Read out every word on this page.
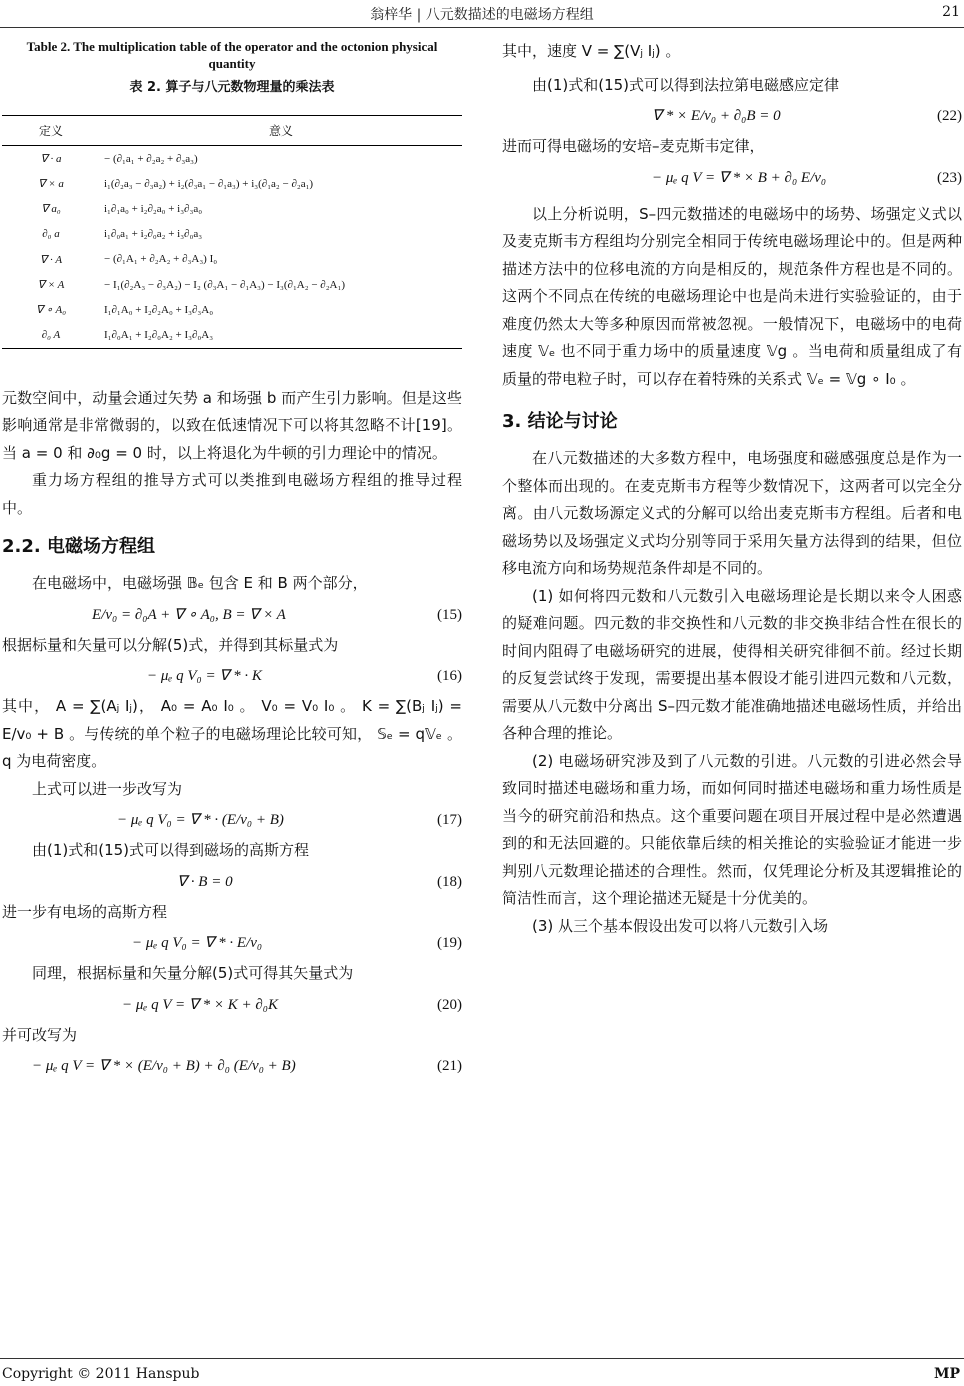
翁梓华 | 八元数描述的电磁场方程组	21
Table 2. The multiplication table of the operator and the octonion physical quantity
表 2. 算子与八元数物理量的乘法表
定义	意义
∇ · a	− (∂₁a₁ + ∂₂a₂ + ∂₃a₃)
∇ × a	i₁(∂₂a₃ − ∂₃a₂) + i₂(∂₃a₁ − ∂₁a₃) + i₃(∂₁a₂ − ∂₂a₁)
∇ a₀	i₁∂₁a₀ + i₂∂₂a₀ + i₃∂₃a₀
∂₀ a	i₁∂₀a₁ + i₂∂₀a₂ + i₃∂₀a₃
∇ · A	− (∂₁A₁ + ∂₂A₂ + ∂₃A₃) I₀
∇ × A	− I₁(∂₂A₃ − ∂₃A₂) − I₂ (∂₃A₁ − ∂₁A₃) − I₃(∂₁A₂ − ∂₂A₁)
∇ ∘ A₀	I₁∂₁A₀ + I₂∂₂A₀ + I₃∂₃A₀
∂₀ A	I₁∂₀A₁ + I₂∂₀A₂ + I₃∂₀A₃

元数空间中，动量会通过矢势 a 和场强 b 而产生引力影响。但是这些影响通常是非常微弱的，以致在低速情况下可以将其忽略不计[19]。当 a = 0 和 ∂₀g = 0 时，以上将退化为牛顿的引力理论中的情况。

重力场方程组的推导方式可以类推到电磁场方程组的推导过程中。

2.2. 电磁场方程组

在电磁场中，电磁场强 𝔹ₑ 包含 E 和 B 两个部分，

E/v₀ = ∂₀A + ∇ ∘ A₀, B = ∇ × A	(15)

根据标量和矢量可以分解(5)式，并得到其标量式为

− μₑ q V₀ = ∇ * · K	(16)

其中， A = ∑(Aⱼ Iⱼ)， A₀ = A₀ I₀ 。 V₀ = V₀ I₀ 。 K = ∑(Bⱼ Iⱼ) = E/v₀ + B 。与传统的单个粒子的电磁场理论比较可知， 𝕊ₑ = q𝕍ₑ 。q 为电荷密度。

上式可以进一步改写为

− μₑ q V₀ = ∇ * · (E/v₀ + B)	(17)

由(1)式和(15)式可以得到磁场的高斯方程

∇ · B = 0	(18)

进一步有电场的高斯方程

− μₑ q V₀ = ∇ * · E/v₀	(19)

同理，根据标量和矢量分解(5)式可得其矢量式为

− μₑ q V = ∇ * × K + ∂₀K	(20)

并可改写为

− μₑ q V = ∇ * × (E/v₀ + B) + ∂₀ (E/v₀ + B)	(21)

其中，速度 V = ∑(Vⱼ Iⱼ) 。

由(1)式和(15)式可以得到法拉第电磁感应定律

∇ * × E/v₀ + ∂₀B = 0	(22)

进而可得电磁场的安培–麦克斯韦定律，

− μₑ q V = ∇ * × B + ∂₀ E/v₀	(23)

以上分析说明，S–四元数描述的电磁场中的场势、场强定义式以及麦克斯韦方程组均分别完全相同于传统电磁场理论中的。但是两种描述方法中的位移电流的方向是相反的，规范条件方程也是不同的。这两个不同点在传统的电磁场理论中也是尚未进行实验验证的，由于难度仍然太大等多种原因而常被忽视。一般情况下，电磁场中的电荷速度 𝕍ₑ 也不同于重力场中的质量速度 𝕍g 。当电荷和质量组成了有质量的带电粒子时，可以存在着特殊的关系式 𝕍ₑ = 𝕍g ∘ I₀ 。

3. 结论与讨论

在八元数描述的大多数方程中，电场强度和磁感强度总是作为一个整体而出现的。在麦克斯韦方程等少数情况下，这两者可以完全分离。由八元数场源定义式的分解可以给出麦克斯韦方程组。后者和电磁场势以及场强定义式均分别等同于采用矢量方法得到的结果，但位移电流方向和场势规范条件却是不同的。

(1) 如何将四元数和八元数引入电磁场理论是长期以来令人困惑的疑难问题。四元数的非交换性和八元数的非交换非结合性在很长的时间内阻碍了电磁场研究的进展，使得相关研究徘徊不前。经过长期的反复尝试终于发现，需要提出基本假设才能引进四元数和八元数，需要从八元数中分离出 S–四元数才能准确地描述电磁场性质，并给出各种合理的推论。

(2) 电磁场研究涉及到了八元数的引进。八元数的引进必然会导致同时描述电磁场和重力场，而如何同时描述电磁场和重力场性质是当今的研究前沿和热点。这个重要问题在项目开展过程中是必然遭遇到的和无法回避的。只能依靠后续的相关推论的实验验证才能进一步判别八元数理论描述的合理性。然而，仅凭理论分析及其逻辑推论的简洁性而言，这个理论描述无疑是十分优美的。

(3) 从三个基本假设出发可以将八元数引入场

Copyright © 2011 Hanspub	MP
